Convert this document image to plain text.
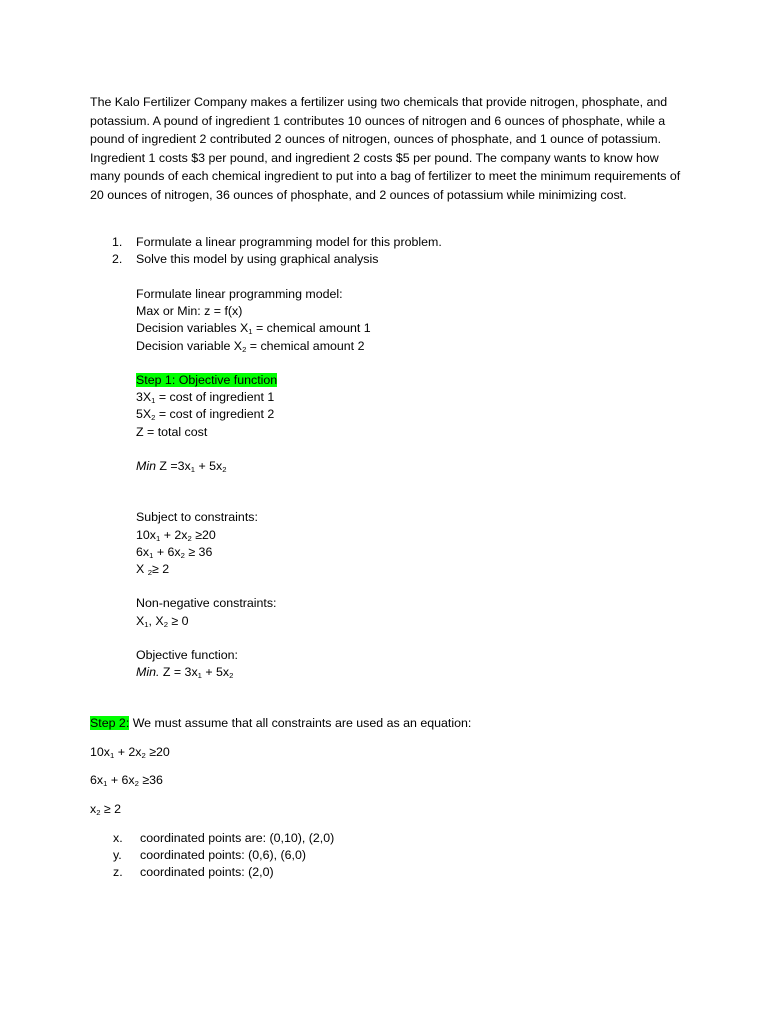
The Kalo Fertilizer Company makes a fertilizer using two chemicals that provide nitrogen, phosphate, and potassium. A pound of ingredient 1 contributes 10 ounces of nitrogen and 6 ounces of phosphate, while a pound of ingredient 2 contributed 2 ounces of nitrogen, ounces of phosphate, and 1 ounce of potassium. Ingredient 1 costs $3 per pound, and ingredient 2 costs $5 per pound. The company wants to know how many pounds of each chemical ingredient to put into a bag of fertilizer to meet the minimum requirements of 20 ounces of nitrogen, 36 ounces of phosphate, and 2 ounces of potassium while minimizing cost.

1.	Formulate a linear programming model for this problem.
2.	Solve this model by using graphical analysis
Formulate linear programming model:
Max or Min: z = f(x)
Decision variables $X_1$ = chemical amount 1
Decision variable $X_2$ = chemical amount 2
Step 1: Objective function
$3X_1 = \cos t$ of ingredient 1
$5X_2 = \cos t$ of ingredient 2
Z = total cost
Min $Z =3x_1 + 5x_2$
Subject to constraints:
$10x_1 + 2x_2 \ge 20$
$6x_1 + 6x_2 \ge 36$
X $_2$≥ 2
Non-negative constraints:
$X_1$, $X_2 \ge 0$
Objective function:
Min. $Z = 3x_1 + 5x_2$
Step 2: We must assume that all constraints are used as an equation:
$10x_1 + 2x_2 \ge 20$
$6x_1 + 6x_2 \ge 36$
$x_2 \ge 2$
x.	coordinated points are: (0,10), (2,0)
y.	coordinated points: (0,6), (6,0)
z.	coordinated points: (2,0)
